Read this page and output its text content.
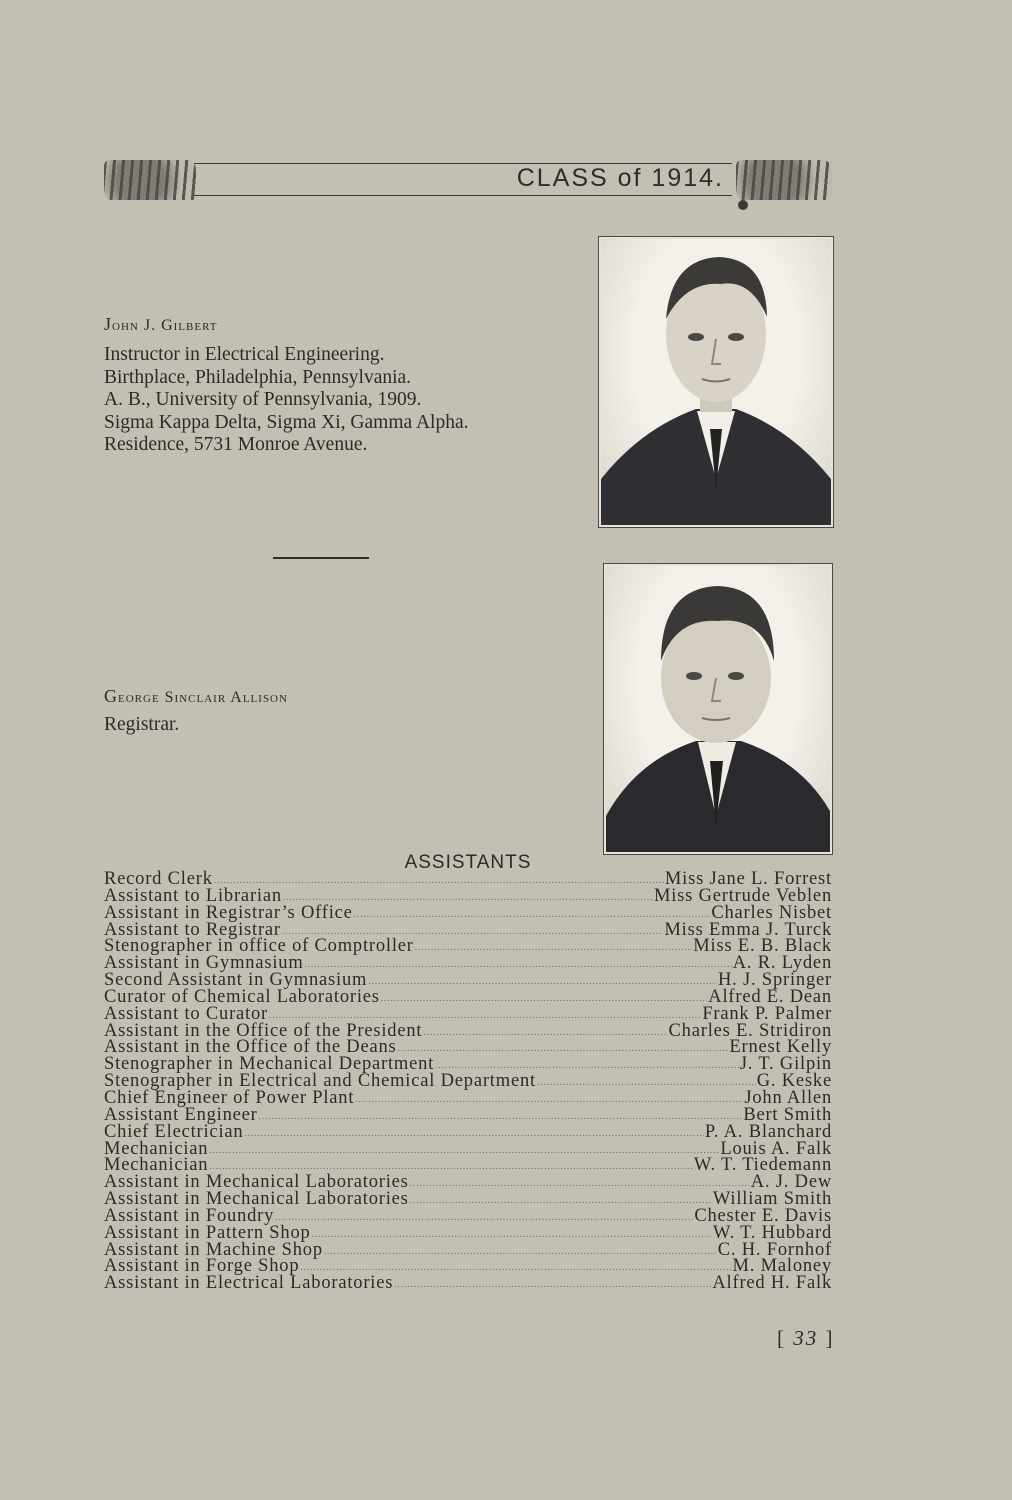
CLASS of 1914.
John J. Gilbert
Instructor in Electrical Engineering.
Birthplace, Philadelphia, Pennsylvania.
A. B., University of Pennsylvania, 1909.
Sigma Kappa Delta, Sigma Xi, Gamma Alpha.
Residence, 5731 Monroe Avenue.
George Sinclair Allison
Registrar.
ASSISTANTS
Record Clerk .....	Miss Jane L. Forrest
Assistant to Librarian .....	Miss Gertrude Veblen
Assistant in Registrar’s Office .....	Charles Nisbet
Assistant to Registrar .....	Miss Emma J. Turck
Stenographer in office of Comptroller .....	Miss E. B. Black
Assistant in Gymnasium .....	A. R. Lyden
Second Assistant in Gymnasium .....	H. J. Springer
Curator of Chemical Laboratories .....	Alfred E. Dean
Assistant to Curator .....	Frank P. Palmer
Assistant in the Office of the President .....	Charles E. Stridiron
Assistant in the Office of the Deans .....	Ernest Kelly
Stenographer in Mechanical Department .....	J. T. Gilpin
Stenographer in Electrical and Chemical Department .....	G. Keske
Chief Engineer of Power Plant .....	John Allen
Assistant Engineer .....	Bert Smith
Chief Electrician .....	P. A. Blanchard
Mechanician .....	Louis A. Falk
Mechanician .....	W. T. Tiedemann
Assistant in Mechanical Laboratories .....	A. J. Dew
Assistant in Mechanical Laboratories .....	William Smith
Assistant in Foundry .....	Chester E. Davis
Assistant in Pattern Shop .....	W. T. Hubbard
Assistant in Machine Shop .....	C. H. Fornhof
Assistant in Forge Shop .....	M. Maloney
Assistant in Electrical Laboratories .....	Alfred H. Falk
[ 33 ]
